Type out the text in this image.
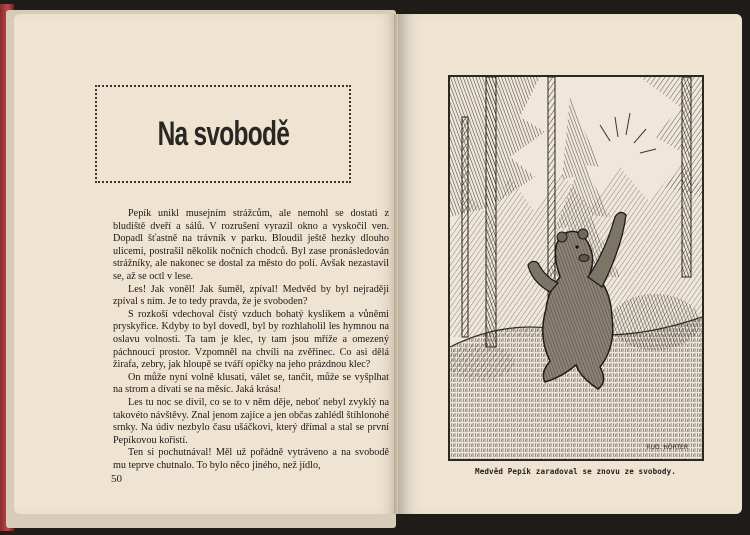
Na svobodě

Pepík unikl musejním strážcům, ale nemohl se dostati z bludiště dveří a sálů. V rozrušení vyrazil okno a vyskočil ven. Dopadl šťastně na trávník v parku. Bloudil ještě hezky dlouho ulicemi, postrašil několik nočních chodců. Byl zase pronásledován strážníky, ale nakonec se dostal za město do polí. Avšak nezastavil se, až se octl v lese.

Les! Jak voněl! Jak šuměl, zpíval! Medvěd by byl nejraději zpíval s ním. Je to tedy pravda, že je svoboden?

S rozkoší vdechoval čistý vzduch bohatý kyslíkem a vůněmi pryskyřice. Kdyby to byl dovedl, byl by rozhlaholil les hymnou na oslavu volnosti. Ta tam je klec, ty tam jsou mříže a omezený páchnoucí prostor. Vzpomněl na chvíli na zvěřinec. Co asi dělá žirafa, zebry, jak hloupě se tváří opičky na jeho prázdnou klec?

On může nyní volně klusati, válet se, tančit, může se vyšplhat na strom a dívati se na měsíc. Jaká krása!

Les tu noc se divil, co se to v něm děje, neboť nebyl zvyklý na takovéto návštěvy. Znal jenom zajíce a jen občas zahlédl štíhlonohé srnky. Na údiv nezbylo času ušáčkovi, který dřímal a stal se první Pepíkovou kořistí.

Ten si pochutnával! Měl už pořádně vytráveno a na svobodě mu teprve chutnalo. To bylo něco jiného, než jídlo,

50
RUD. HÖRTER
Medvěd Pepík zaradoval se znovu ze svobody.
